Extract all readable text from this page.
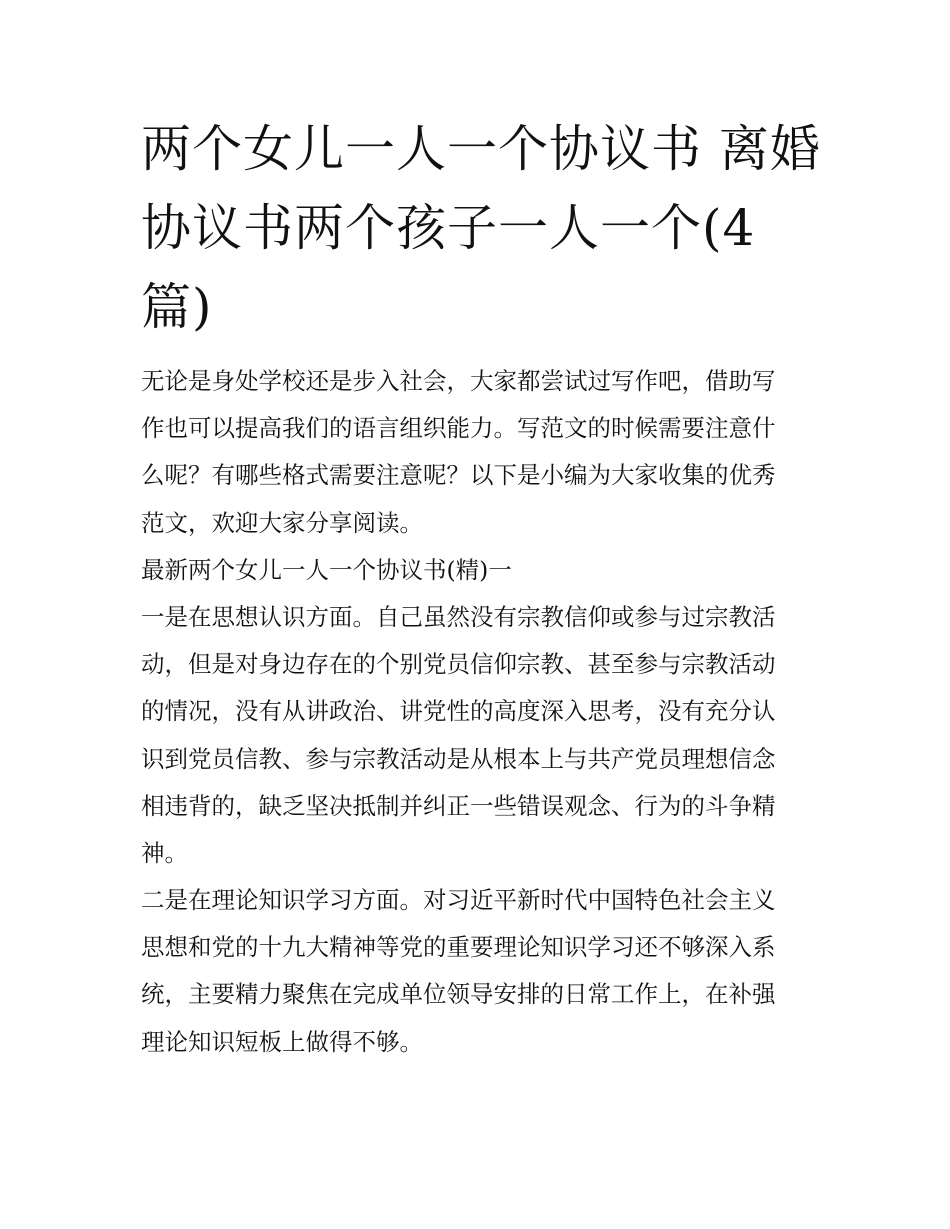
两个女儿一人一个协议书 离婚
协议书两个孩子一人一个(4
篇)
无论是身处学校还是步入社会，大家都尝试过写作吧，借助写
作也可以提高我们的语言组织能力。写范文的时候需要注意什
么呢？有哪些格式需要注意呢？以下是小编为大家收集的优秀
范文，欢迎大家分享阅读。
最新两个女儿一人一个协议书(精)一
一是在思想认识方面。自己虽然没有宗教信仰或参与过宗教活
动，但是对身边存在的个别党员信仰宗教、甚至参与宗教活动
的情况，没有从讲政治、讲党性的高度深入思考，没有充分认
识到党员信教、参与宗教活动是从根本上与共产党员理想信念
相违背的，缺乏坚决抵制并纠正一些错误观念、行为的斗争精
神。
二是在理论知识学习方面。对习近平新时代中国特色社会主义
思想和党的十九大精神等党的重要理论知识学习还不够深入系
统，主要精力聚焦在完成单位领导安排的日常工作上，在补强
理论知识短板上做得不够。
